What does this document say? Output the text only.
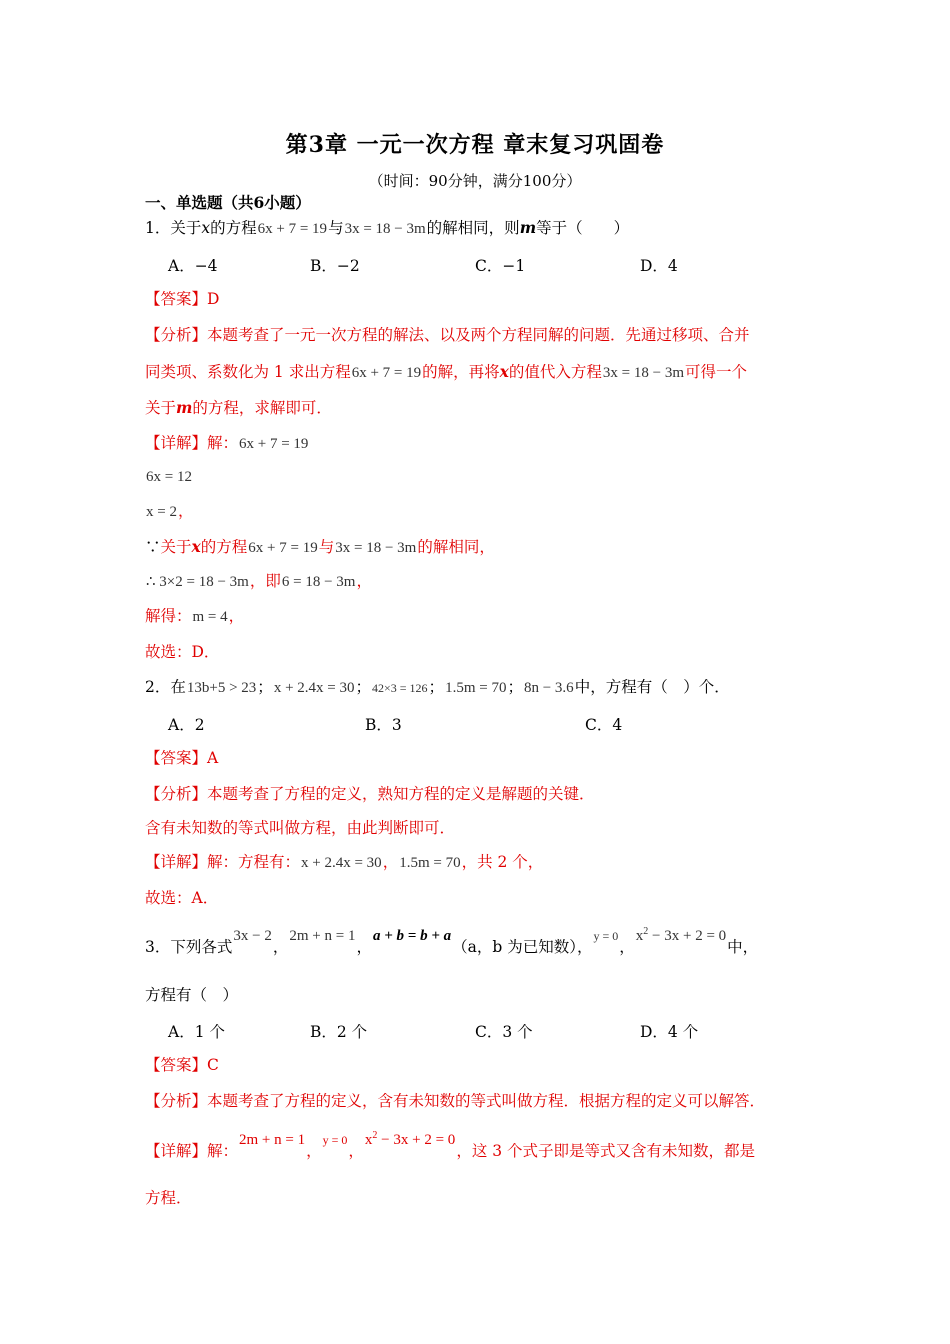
第3章 一元一次方程 章末复习巩固卷
（时间：90分钟，满分100分）
一、单选题（共6小题）
1．关于x的方程6x + 7 = 19与3x = 18 − 3m的解相同，则m等于（　　）
A．−4	B．−2	C．−1	D．4
【答案】D
【分析】本题考查了一元一次方程的解法、以及两个方程同解的问题．先通过移项、合并
同类项、系数化为 1 求出方程6x + 7 = 19的解，再将x的值代入方程3x = 18 − 3m可得一个
关于m的方程，求解即可．
【详解】解：6x + 7 = 19
6x = 12
x = 2，
∵关于x的方程6x + 7 = 19与3x = 18 − 3m的解相同，
∴ 3×2 = 18 − 3m，即6 = 18 − 3m，
解得：m = 4，
故选：D．
2．在13b+5 > 23；x + 2.4x = 30；42×3 = 126；1.5m = 70；8n − 3.6中，方程有（　）个．
A．2	B．3	C．4
【答案】A
【分析】本题考查了方程的定义，熟知方程的定义是解题的关键．
含有未知数的等式叫做方程，由此判断即可．
【详解】解：方程有：x + 2.4x = 30，1.5m = 70，共 2 个，
故选：A．
3．下列各式3x − 2，2m + n = 1，a + b = b + a（a，b 为已知数），$^{y = 0}$，$x^2 - 3x + 2 = 0$中，
方程有（　）
A．1 个	B．2 个	C．3 个	D．4 个
【答案】C
【分析】本题考查了方程的定义，含有未知数的等式叫做方程．根据方程的定义可以解答．
【详解】解：2m + n = 1，$^{y = 0}$，$x^2 - 3x + 2 = 0$，这 3 个式子即是等式又含有未知数，都是
方程．
